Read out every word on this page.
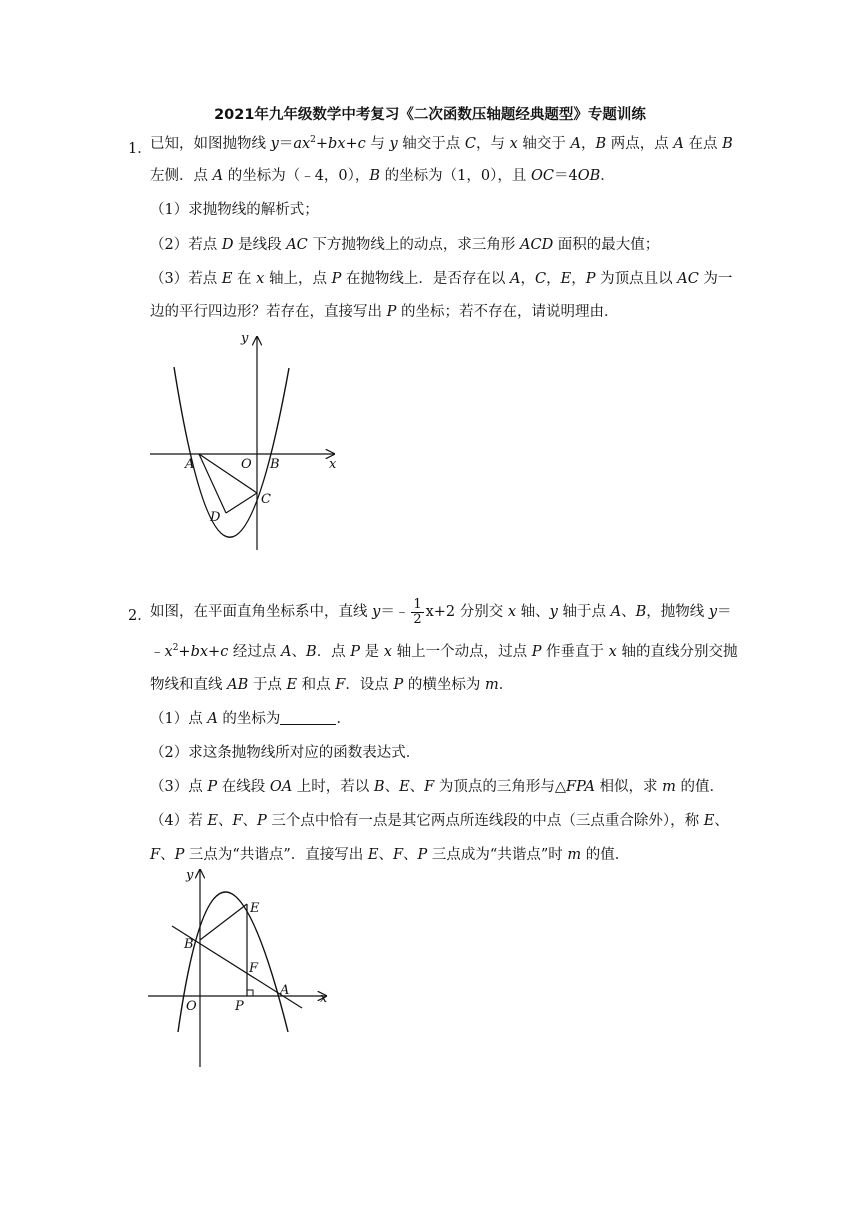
2021年九年级数学中考复习《二次函数压轴题经典题型》专题训练
1．
已知，如图抛物线 $y=ax^2+bx+c$ 与 y 轴交于点 C，与 x 轴交于 A，B 两点，点 A 在点 B
左侧．点 A 的坐标为（﹣4，0），B 的坐标为（1，0），且 OC＝4OB．
（1）求抛物线的解析式；
（2）若点 D 是线段 AC 下方抛物线上的动点，求三角形 ACD 面积的最大值；
（3）若点 E 在 x 轴上，点 P 在抛物线上．是否存在以 A，C，E，P 为顶点且以 AC 为一
边的平行四边形？若存在，直接写出 P 的坐标；若不存在，请说明理由．
y
x
A	O B
C
D
2．
如图，在平面直角坐标系中，直线 y＝﹣ $\frac{1}{2} x+2$ 分别交 x 轴、y 轴于点 A、B，抛物线 y＝
$﹣x^2+bx+c$ 经过点 A、B．点 P 是 x 轴上一个动点，过点 P 作垂直于 x 轴的直线分别交抛
物线和直线 AB 于点 E 和点 F．设点 P 的横坐标为 m．
（1）点 A 的坐标为	．
（2）求这条抛物线所对应的函数表达式．
（3）点 P 在线段 OA 上时，若以 B、E、F 为顶点的三角形与△FPA 相似，求 m 的值．
（4）若 E、F、P 三个点中恰有一点是其它两点所连线段的中点（三点重合除外），称 E、
F、P 三点为“共谐点”．直接写出 E、F、P 三点成为“共谐点”时 m 的值．
y
x
B
E
F
O	P
A
